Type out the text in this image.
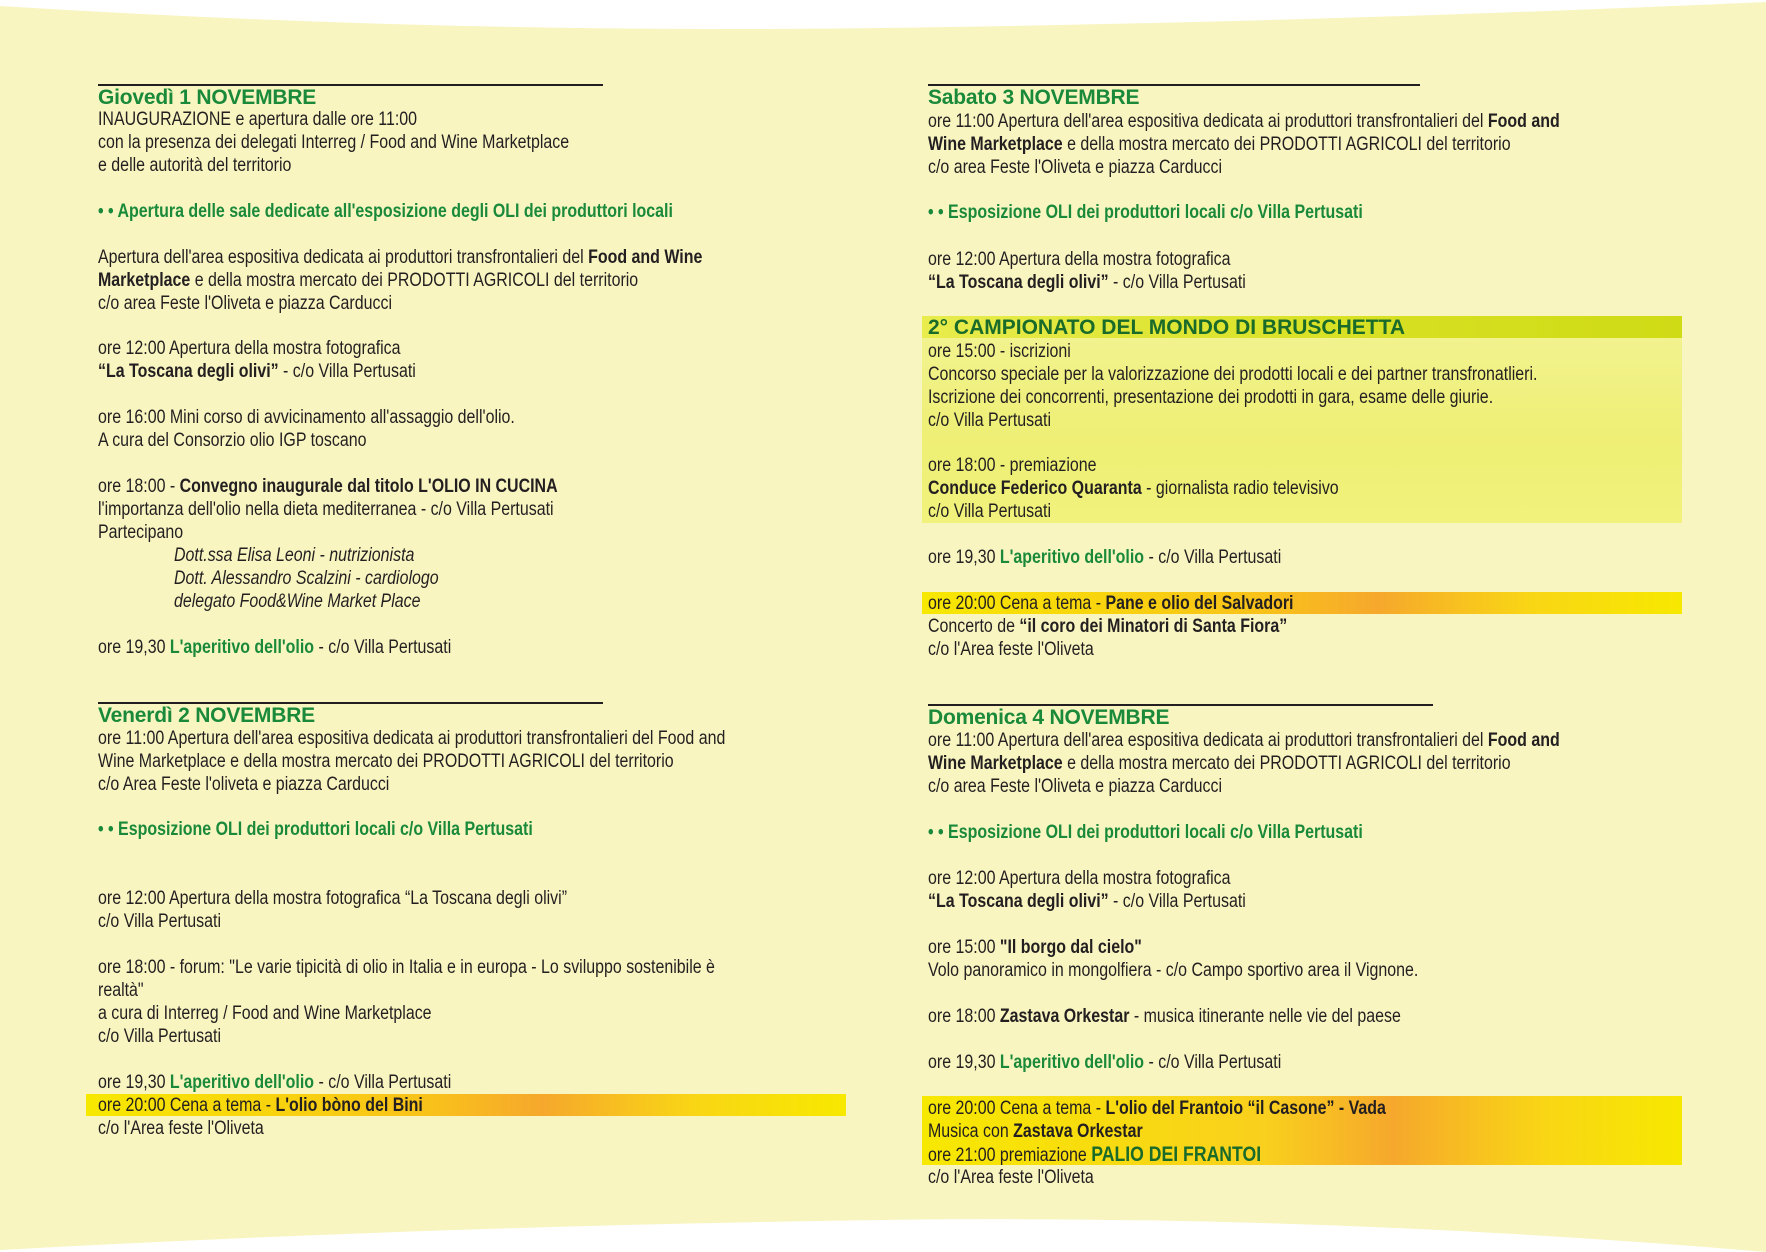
Giovedì 1 NOVEMBRE
INAUGURAZIONE e apertura dalle ore 11:00
con la presenza dei delegati Interreg / Food and Wine Marketplace
e delle autorità del territorio
• • Apertura delle sale dedicate all'esposizione degli OLI dei produttori locali
Apertura dell'area espositiva dedicata ai produttori transfrontalieri del Food and Wine
Marketplace e della mostra mercato dei PRODOTTI AGRICOLI del territorio
c/o area Feste l'Oliveta e piazza Carducci
ore 12:00 Apertura della mostra fotografica
“La Toscana degli olivi” - c/o Villa Pertusati
ore 16:00 Mini corso di avvicinamento all'assaggio dell'olio.
A cura del Consorzio olio IGP toscano
ore 18:00 - Convegno inaugurale dal titolo L'OLIO IN CUCINA
l'importanza dell'olio nella dieta mediterranea - c/o Villa Pertusati
Partecipano
Dott.ssa Elisa Leoni - nutrizionista
Dott. Alessandro Scalzini - cardiologo
delegato Food&Wine Market Place
ore 19,30 L'aperitivo dell'olio - c/o Villa Pertusati
Venerdì 2 NOVEMBRE
ore 11:00 Apertura dell'area espositiva dedicata ai produttori transfrontalieri del Food and
Wine Marketplace e della mostra mercato dei PRODOTTI AGRICOLI del territorio
c/o Area Feste l'oliveta e piazza Carducci
• • Esposizione OLI dei produttori locali c/o Villa Pertusati
ore 12:00 Apertura della mostra fotografica “La Toscana degli olivi”
c/o Villa Pertusati
ore 18:00 - forum: "Le varie tipicità di olio in Italia e in europa - Lo sviluppo sostenibile è
realtà"
a cura di Interreg / Food and Wine Marketplace
c/o Villa Pertusati
ore 19,30 L'aperitivo dell'olio - c/o Villa Pertusati
ore 20:00 Cena a tema - L'olio bòno del Bini
c/o l'Area feste l'Oliveta
Sabato 3 NOVEMBRE
ore 11:00 Apertura dell'area espositiva dedicata ai produttori transfrontalieri del Food and
Wine Marketplace e della mostra mercato dei PRODOTTI AGRICOLI del territorio
c/o area Feste l'Oliveta e piazza Carducci
• • Esposizione OLI dei produttori locali c/o Villa Pertusati
ore 12:00 Apertura della mostra fotografica
“La Toscana degli olivi” - c/o Villa Pertusati
2° CAMPIONATO DEL MONDO DI BRUSCHETTA
ore 15:00 - iscrizioni
Concorso speciale per la valorizzazione dei prodotti locali e dei partner transfronatlieri.
Iscrizione dei concorrenti, presentazione dei prodotti in gara, esame delle giurie.
c/o Villa Pertusati
ore 18:00 - premiazione
Conduce Federico Quaranta - giornalista radio televisivo
c/o Villa Pertusati
ore 19,30 L'aperitivo dell'olio - c/o Villa Pertusati
ore 20:00 Cena a tema - Pane e olio del Salvadori
Concerto de “il coro dei Minatori di Santa Fiora”
c/o l'Area feste l'Oliveta
Domenica 4 NOVEMBRE
ore 11:00 Apertura dell'area espositiva dedicata ai produttori transfrontalieri del Food and
Wine Marketplace e della mostra mercato dei PRODOTTI AGRICOLI del territorio
c/o area Feste l'Oliveta e piazza Carducci
• • Esposizione OLI dei produttori locali c/o Villa Pertusati
ore 12:00 Apertura della mostra fotografica
“La Toscana degli olivi” - c/o Villa Pertusati
ore 15:00 "Il borgo dal cielo"
Volo panoramico in mongolfiera - c/o Campo sportivo area il Vignone.
ore 18:00 Zastava Orkestar - musica itinerante nelle vie del paese
ore 19,30 L'aperitivo dell'olio - c/o Villa Pertusati
ore 20:00 Cena a tema - L'olio del Frantoio “il Casone” - Vada
Musica con Zastava Orkestar
ore 21:00 premiazione PALIO DEI FRANTOI
c/o l'Area feste l'Oliveta
